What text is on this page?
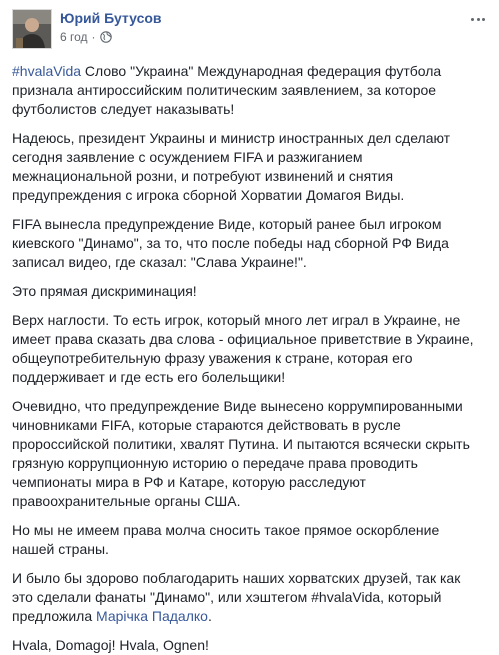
Юрий Бутусов
6 год ·

#hvalaVida Слово "Украина" Международная федерация футбола признала антироссийским политическим заявлением, за которое футболистов следует наказывать!

Надеюсь, президент Украины и министр иностранных дел сделают сегодня заявление с осуждением FIFA и разжиганием межнациональной розни, и потребуют извинений и снятия предупреждения с игрока сборной Хорватии Домагоя Виды.

FIFA вынесла предупреждение Виде, который ранее был игроком киевского "Динамо", за то, что после победы над сборной РФ Вида записал видео, где сказал: "Слава Украине!".

Это прямая дискриминация!

Верх наглости. То есть игрок, который много лет играл в Украине, не имеет права сказать два слова - официальное приветствие в Украине, общеупотребительную фразу уважения к стране, которая его поддерживает и где есть его болельщики!

Очевидно, что предупреждение Виде вынесено коррумпированными чиновниками FIFA, которые стараются действовать в русле пророссийской политики, хвалят Путина. И пытаются всячески скрыть грязную коррупционную историю о передаче права проводить чемпионаты мира в РФ и Катаре, которую расследуют правоохранительные органы США.

Но мы не имеем права молча сносить такое прямое оскорбление нашей страны.

И было бы здорово поблагодарить наших хорватских друзей, так как это сделали фанаты "Динамо", или хэштегом #hvalaVida, который предложила Марічка Падалко.

Hvala, Domagoj! Hvala, Ognen!
